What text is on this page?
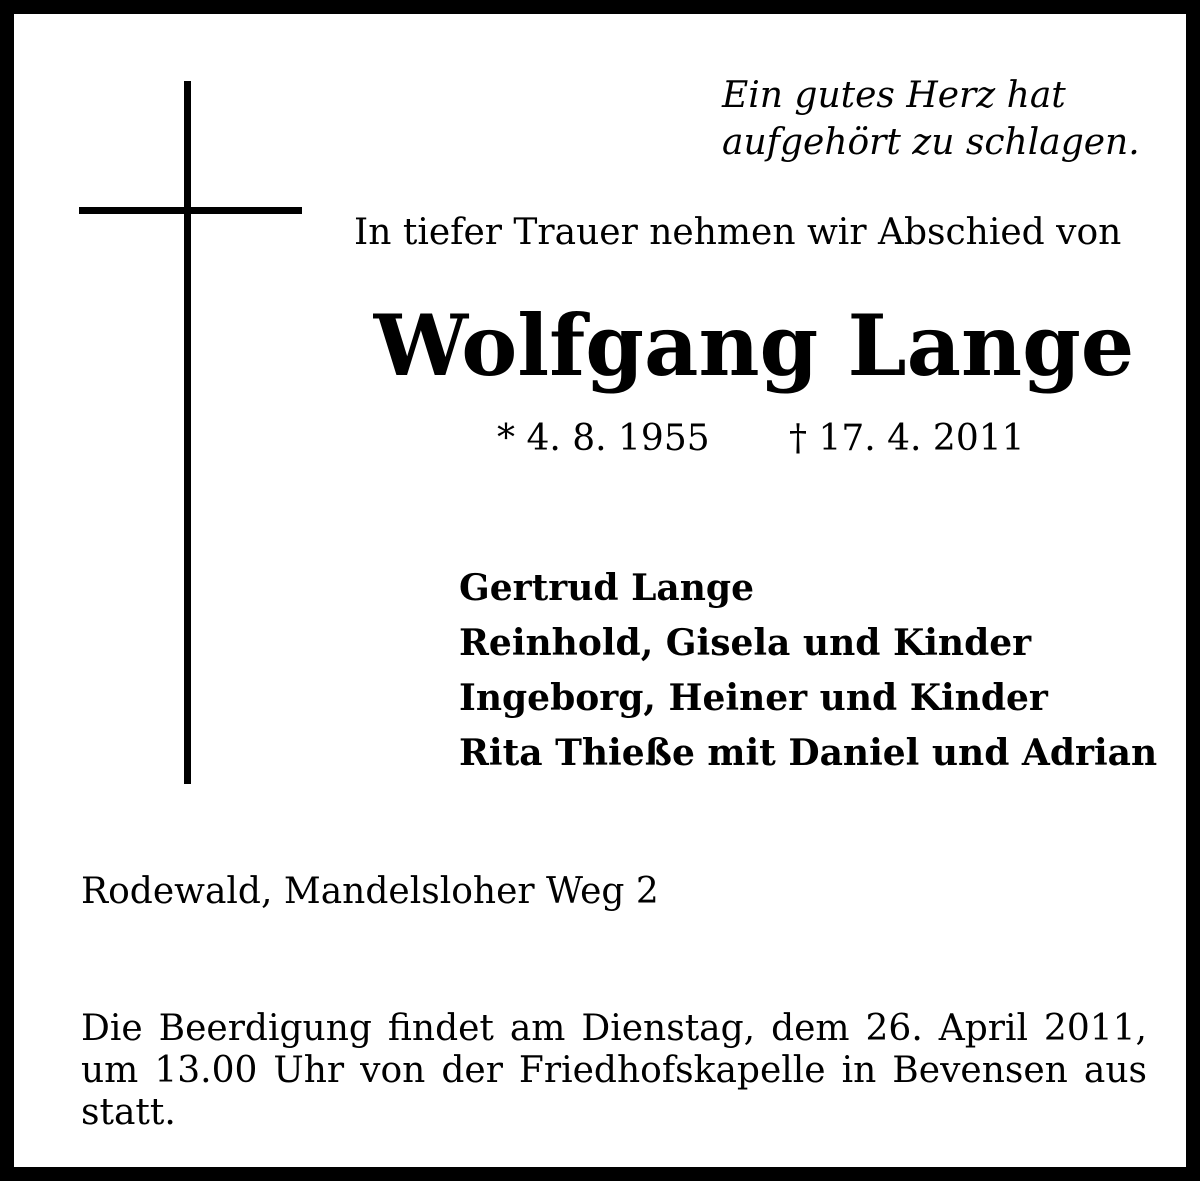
Ein gutes Herz hat
aufgehört zu schlagen.
In tiefer Trauer nehmen wir Abschied von
Wolfgang Lange
* 4. 8. 1955 † 17. 4. 2011
Gertrud Lange
Reinhold, Gisela und Kinder
Ingeborg, Heiner und Kinder
Rita Thieße mit Daniel und Adrian
Rodewald, Mandelsloher Weg 2
Die Beerdigung findet am Dienstag, dem 26. April 2011, um 13.00 Uhr von der Friedhofskapelle in Bevensen aus statt.
